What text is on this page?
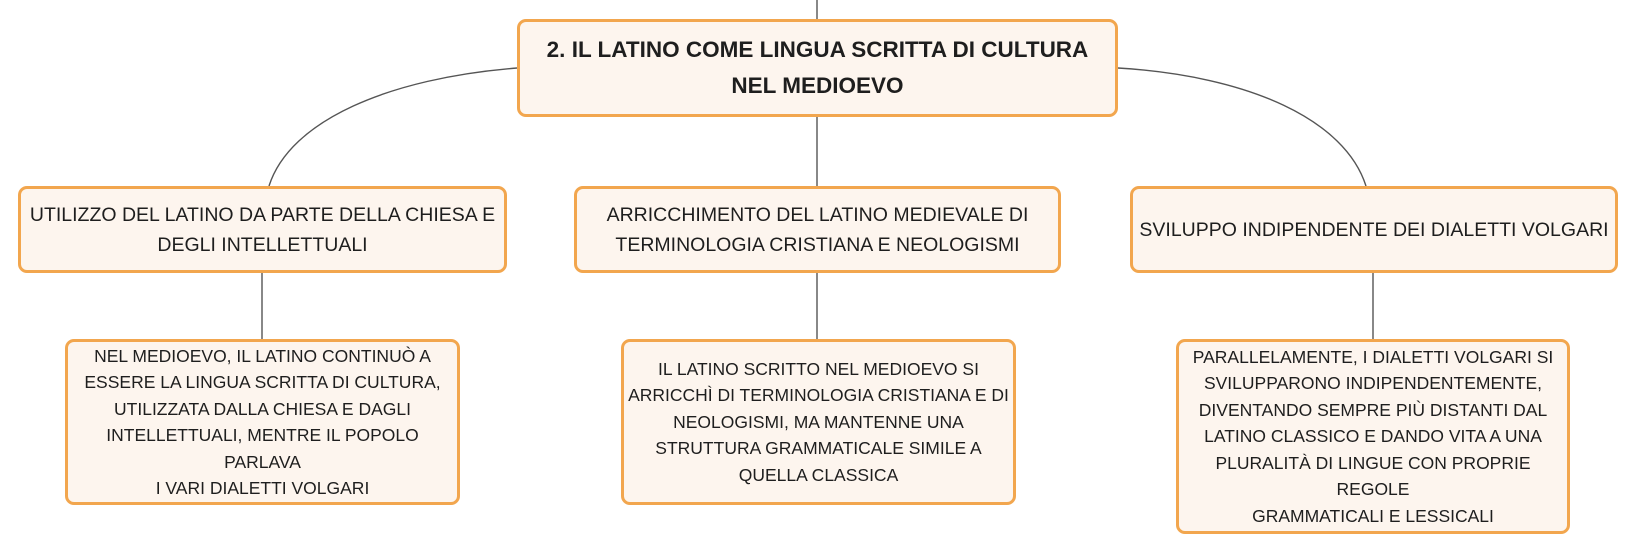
2. IL LATINO COME LINGUA SCRITTA DI CULTURA
NEL MEDIOEVO
UTILIZZO DEL LATINO DA PARTE DELLA CHIESA E
DEGLI INTELLETTUALI
ARRICCHIMENTO DEL LATINO MEDIEVALE DI
TERMINOLOGIA CRISTIANA E NEOLOGISMI
SVILUPPO INDIPENDENTE DEI DIALETTI VOLGARI
NEL MEDIOEVO, IL LATINO CONTINUÒ A
ESSERE LA LINGUA SCRITTA DI CULTURA,
UTILIZZATA DALLA CHIESA E DAGLI
INTELLETTUALI, MENTRE IL POPOLO PARLAVA
I VARI DIALETTI VOLGARI
IL LATINO SCRITTO NEL MEDIOEVO SI
ARRICCHÌ DI TERMINOLOGIA CRISTIANA E DI
NEOLOGISMI, MA MANTENNE UNA
STRUTTURA GRAMMATICALE SIMILE A
QUELLA CLASSICA
PARALLELAMENTE, I DIALETTI VOLGARI SI
SVILUPPARONO INDIPENDENTEMENTE,
DIVENTANDO SEMPRE PIÙ DISTANTI DAL
LATINO CLASSICO E DANDO VITA A UNA
PLURALITÀ DI LINGUE CON PROPRIE REGOLE
GRAMMATICALI E LESSICALI
